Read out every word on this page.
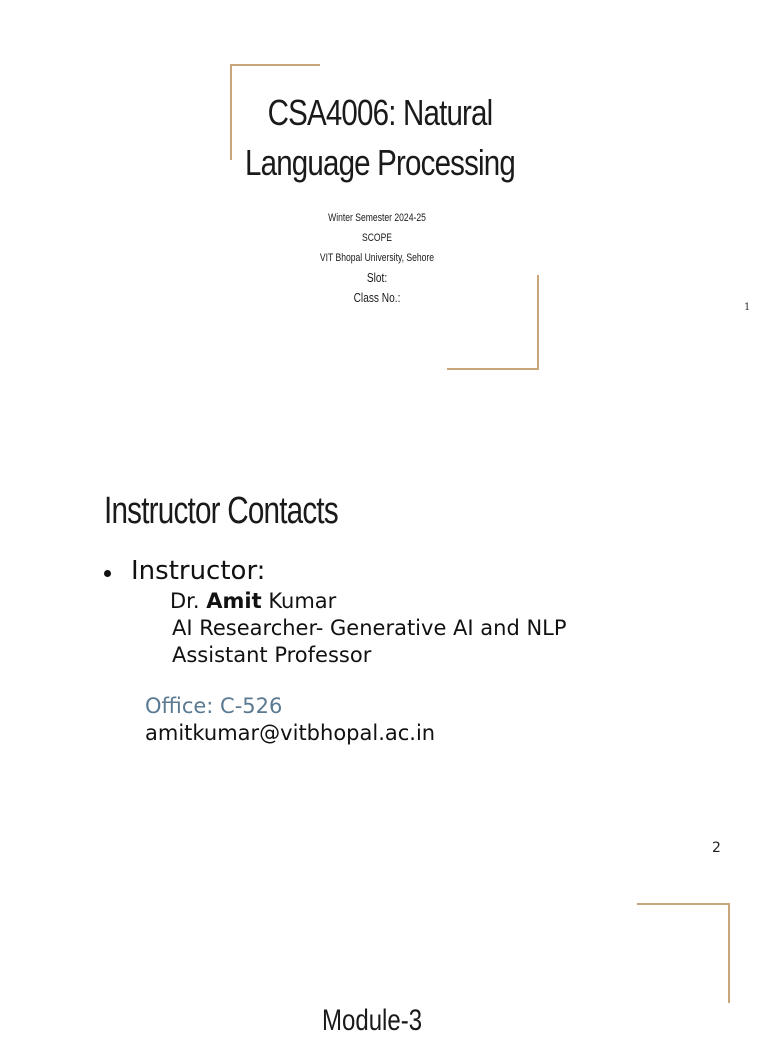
CSA4006: Natural
Language Processing
Winter Semester 2024-25
SCOPE
VIT Bhopal University, Sehore
Slot:
Class No.:
1
Instructor Contacts
Instructor:
Dr. Amit Kumar
AI Researcher- Generative AI and NLP
Assistant Professor
Office: C-526
amitkumar@vitbhopal.ac.in
2
Module-3
